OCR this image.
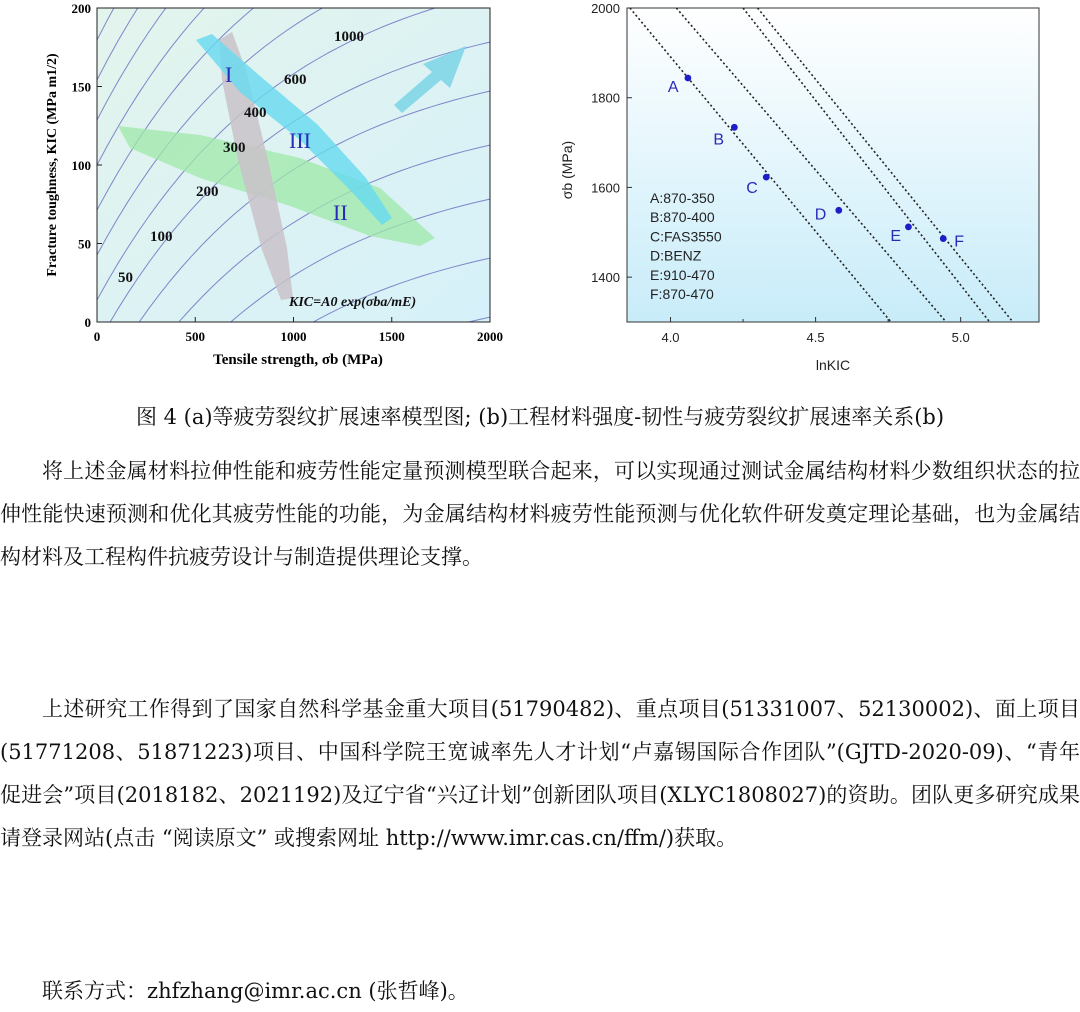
0	500	1000	1500	2000
0
50
100
150
200
50
100
200
300
400
600
1000
I
II
III
KIC=A0 exp(σba/mE)
Tensile strength, σb (MPa)
Fracture toughness, KIC (MPa m1/2)
4.0	4.5	5.0
1400
1600
1800
2000
A
B
C
D
E	F
A:870-350
B:870-400
C:FAS3550
D:BENZ
E:910-470
F:870-470
lnKIC
σb (MPa)
图 4 (a)等疲劳裂纹扩展速率模型图; (b)工程材料强度-韧性与疲劳裂纹扩展速率关系(b)

将上述金属材料拉伸性能和疲劳性能定量预测模型联合起来，可以实现通过测试金属结构材料少数组织状态的拉伸性能快速预测和优化其疲劳性能的功能，为金属结构材料疲劳性能预测与优化软件研发奠定理论基础，也为金属结构材料及工程构件抗疲劳设计与制造提供理论支撑。

上述研究工作得到了国家自然科学基金重大项目(51790482)、重点项目(51331007、52130002)、面上项目(51771208、51871223)项目、中国科学院王宽诚率先人才计划“卢嘉锡国际合作团队”(GJTD-2020-09)、“青年促进会”项目(2018182、2021192)及辽宁省“兴辽计划”创新团队项目(XLYC1808027)的资助。团队更多研究成果请登录网站(点击 “阅读原文” 或搜索网址 http://www.imr.cas.cn/ffm/)获取。

联系方式：zhfzhang@imr.ac.cn (张哲峰)。
